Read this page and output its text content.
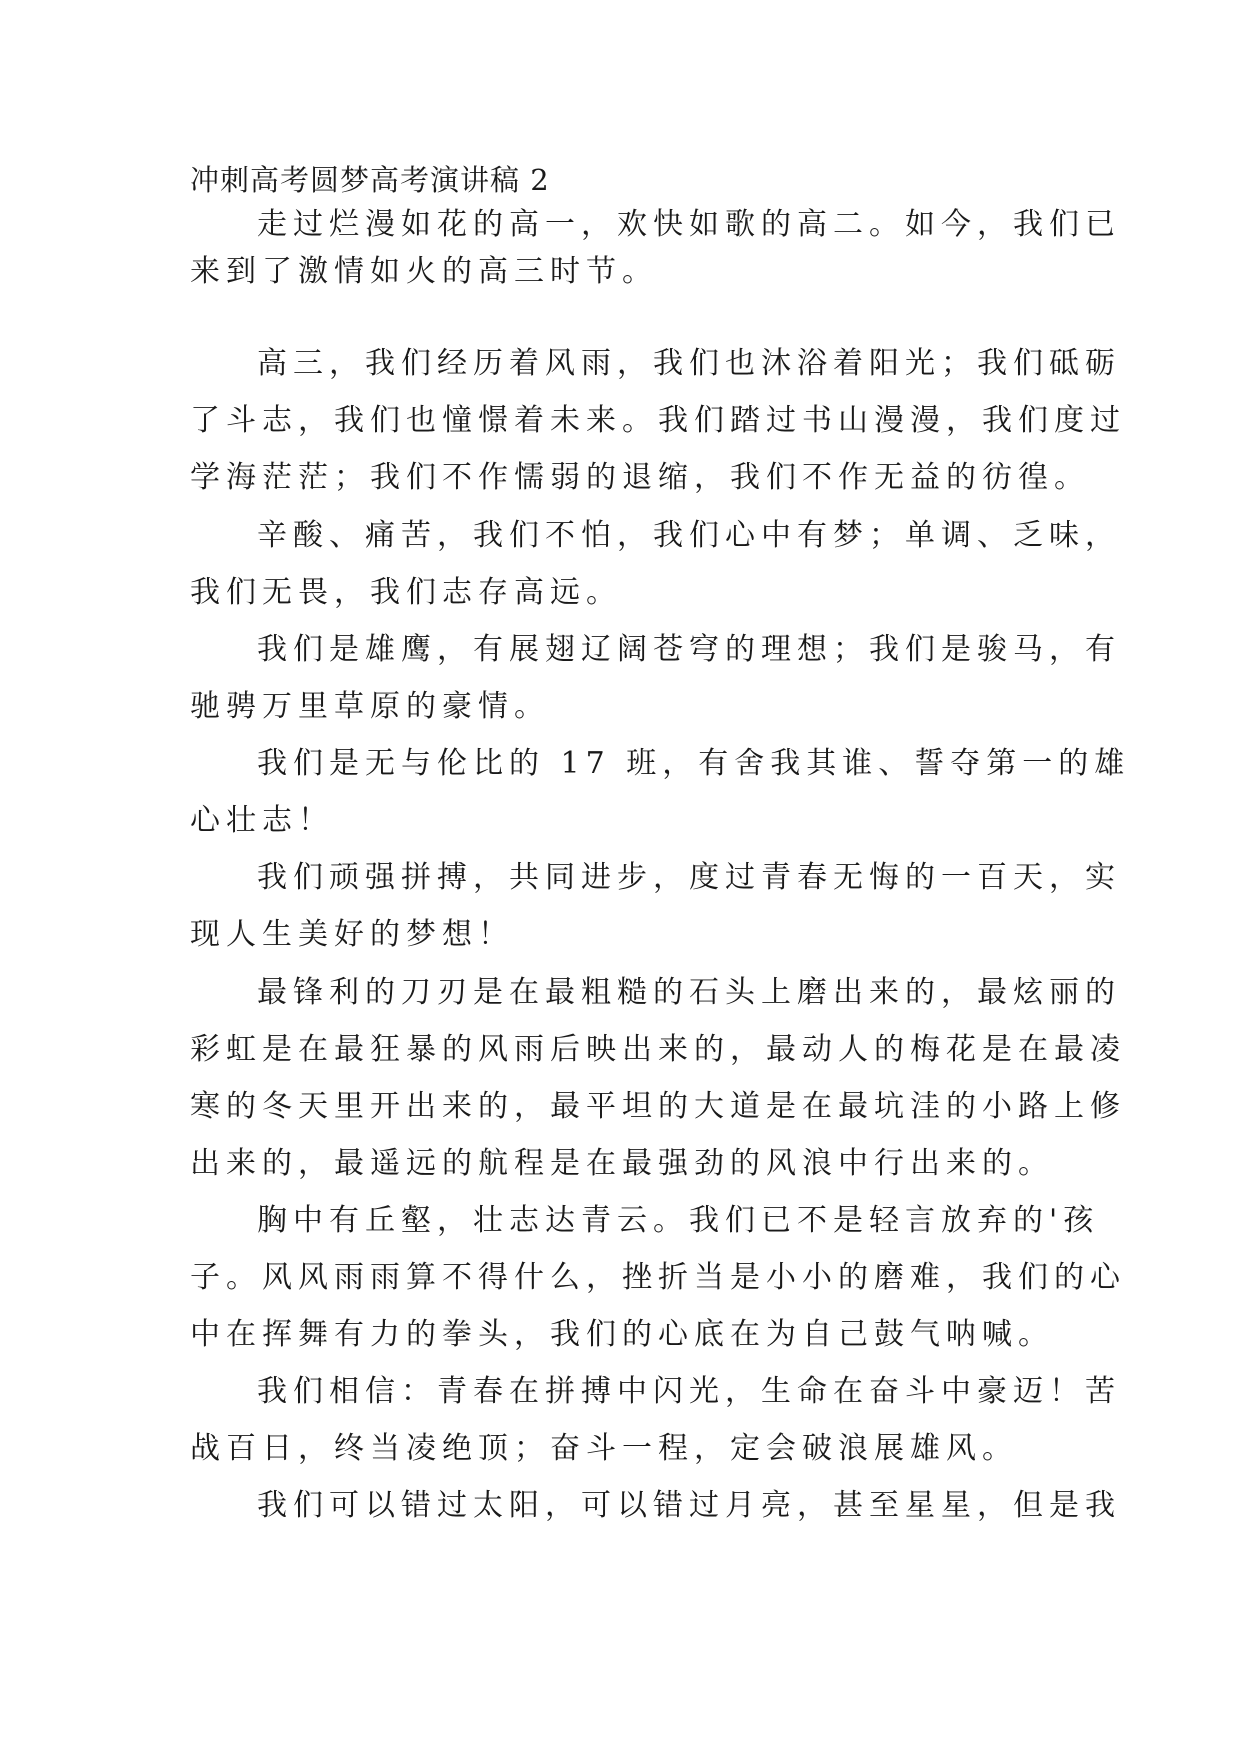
冲刺高考圆梦高考演讲稿 2
走过烂漫如花的高一，欢快如歌的高二。如今，我们已
来到了激情如火的高三时节。
高三，我们经历着风雨，我们也沐浴着阳光；我们砥砺
了斗志，我们也憧憬着未来。我们踏过书山漫漫，我们度过
学海茫茫；我们不作懦弱的退缩，我们不作无益的彷徨。
辛酸、痛苦，我们不怕，我们心中有梦；单调、乏味，
我们无畏，我们志存高远。
我们是雄鹰，有展翅辽阔苍穹的理想；我们是骏马，有
驰骋万里草原的豪情。
我们是无与伦比的 17 班，有舍我其谁、誓夺第一的雄
心壮志！
我们顽强拼搏，共同进步，度过青春无悔的一百天，实
现人生美好的梦想！
最锋利的刀刃是在最粗糙的石头上磨出来的，最炫丽的
彩虹是在最狂暴的风雨后映出来的，最动人的梅花是在最凌
寒的冬天里开出来的，最平坦的大道是在最坑洼的小路上修
出来的，最遥远的航程是在最强劲的风浪中行出来的。
胸中有丘壑，壮志达青云。我们已不是轻言放弃的'孩
子。风风雨雨算不得什么，挫折当是小小的磨难，我们的心
中在挥舞有力的拳头，我们的心底在为自己鼓气呐喊。
我们相信：青春在拼搏中闪光，生命在奋斗中豪迈！苦
战百日，终当凌绝顶；奋斗一程，定会破浪展雄风。
我们可以错过太阳，可以错过月亮，甚至星星，但是我
